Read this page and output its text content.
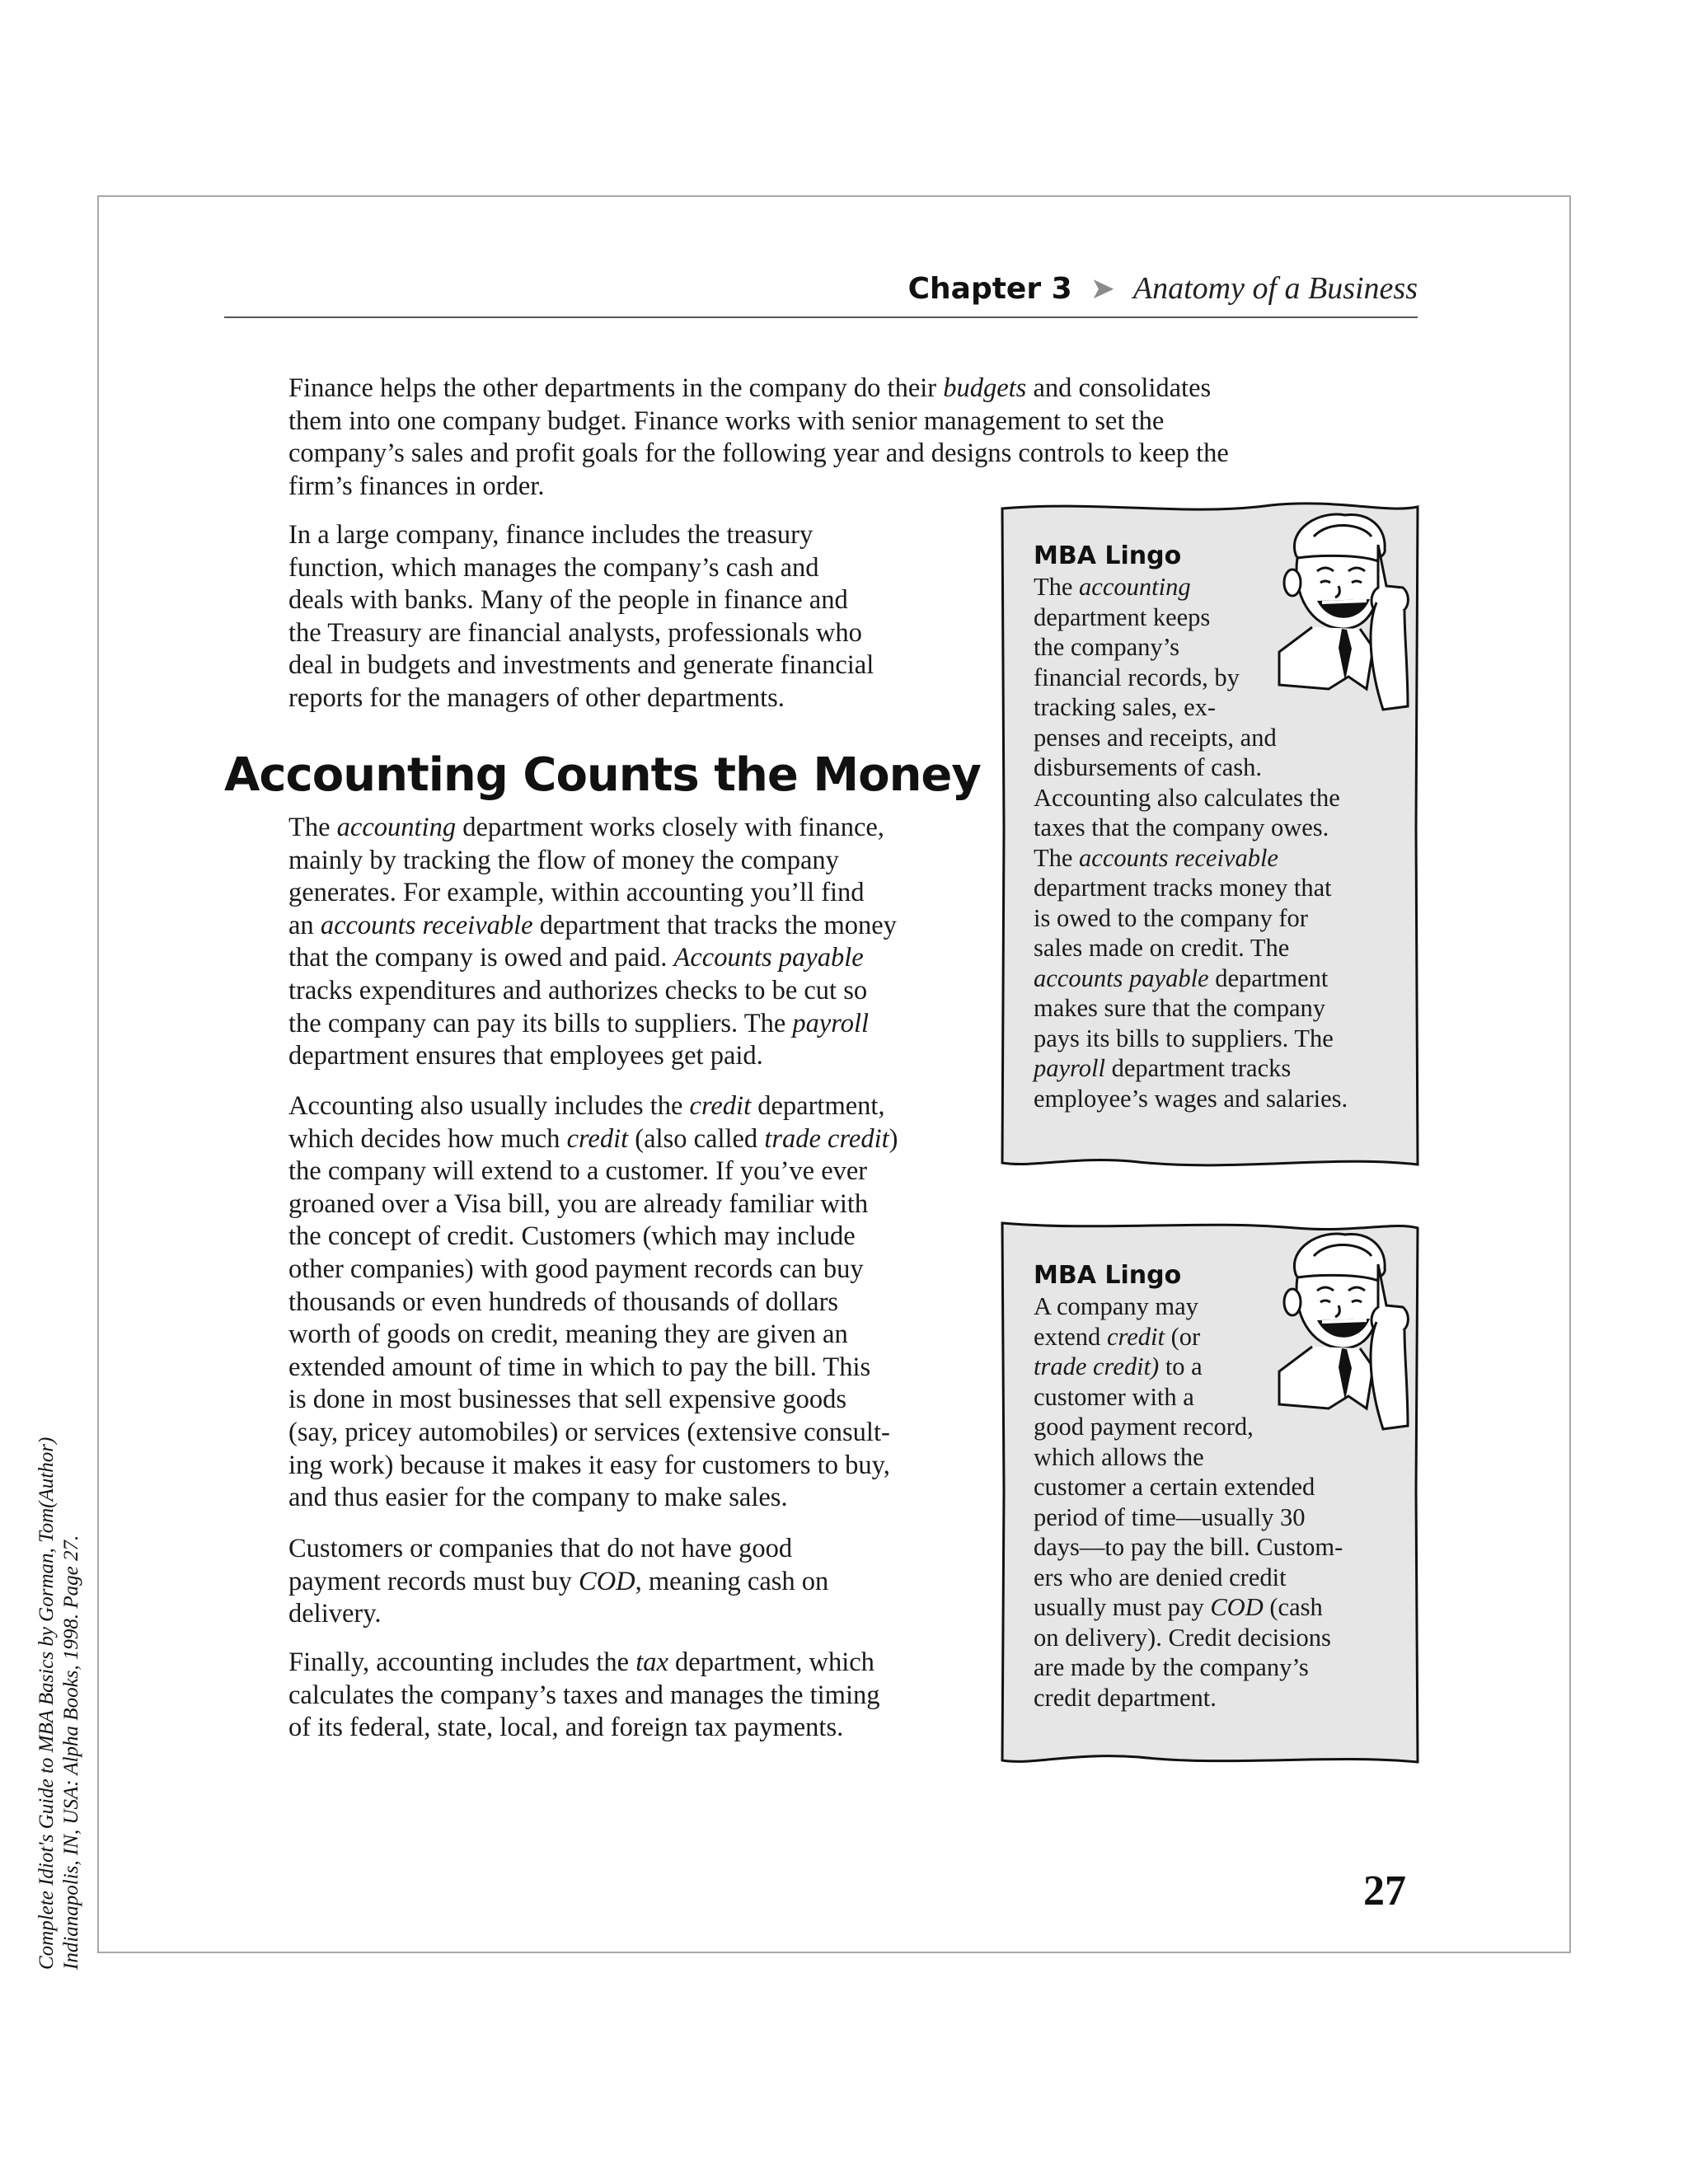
Chapter 3 ➤ Anatomy of a Business

Finance helps the other departments in the company do their budgets and consolidates
them into one company budget. Finance works with senior management to set the
company’s sales and profit goals for the following year and designs controls to keep the
firm’s finances in order.

In a large company, finance includes the treasury
function, which manages the company’s cash and
deals with banks. Many of the people in finance and
the Treasury are financial analysts, professionals who
deal in budgets and investments and generate financial
reports for the managers of other departments.

Accounting Counts the Money

The accounting department works closely with finance,
mainly by tracking the flow of money the company
generates. For example, within accounting you’ll find
an accounts receivable department that tracks the money
that the company is owed and paid. Accounts payable
tracks expenditures and authorizes checks to be cut so
the company can pay its bills to suppliers. The payroll
department ensures that employees get paid.

Accounting also usually includes the credit department,
which decides how much credit (also called trade credit)
the company will extend to a customer. If you’ve ever
groaned over a Visa bill, you are already familiar with
the concept of credit. Customers (which may include
other companies) with good payment records can buy
thousands or even hundreds of thousands of dollars
worth of goods on credit, meaning they are given an
extended amount of time in which to pay the bill. This
is done in most businesses that sell expensive goods
(say, pricey automobiles) or services (extensive consult-
ing work) because it makes it easy for customers to buy,
and thus easier for the company to make sales.

Customers or companies that do not have good
payment records must buy COD, meaning cash on
delivery.

Finally, accounting includes the tax department, which
calculates the company’s taxes and manages the timing
of its federal, state, local, and foreign tax payments.

MBA Lingo
The accounting
department keeps
the company’s
financial records, by
tracking sales, ex-
penses and receipts, and
disbursements of cash.
Accounting also calculates the
taxes that the company owes.
The accounts receivable
department tracks money that
is owed to the company for
sales made on credit. The
accounts payable department
makes sure that the company
pays its bills to suppliers. The
payroll department tracks
employee’s wages and salaries.
MBA Lingo
A company may
extend credit (or
trade credit) to a
customer with a
good payment record,
which allows the
customer a certain extended
period of time—usually 30
days—to pay the bill. Custom-
ers who are denied credit
usually must pay COD (cash
on delivery). Credit decisions
are made by the company’s
credit department.
27
Complete Idiot's Guide to MBA Basics by Gorman, Tom(Author) Indianapolis, IN, USA: Alpha Books, 1998. Page 27.
